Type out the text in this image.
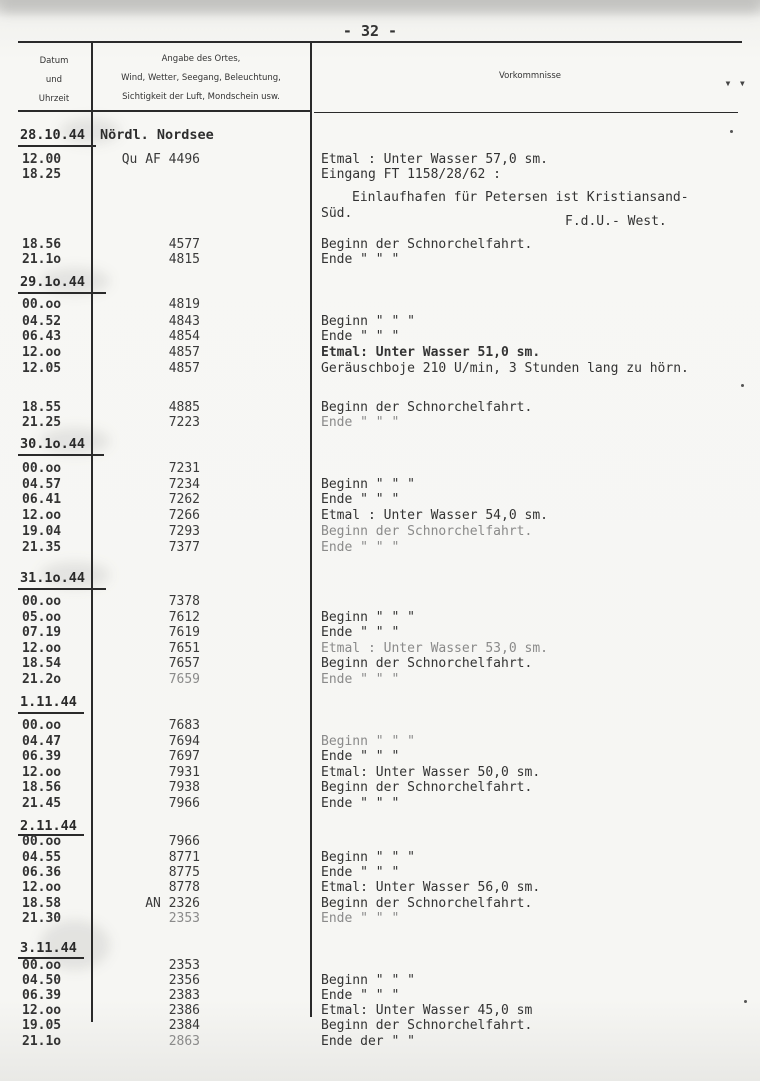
- 32 -
Datum
und
Uhrzeit
Angabe des Ortes,
Wind, Wetter, Seegang, Beleuchtung,
Sichtigkeit der Luft, Mondschein usw.
Vorkommnisse	▾ ▾
28.10.44 Nördl. Nordsee
12.00	Qu AF 4496	Etmal : Unter Wasser 57,0 sm.
18.25	Eingang FT 1158/28/62 :
Einlaufhafen für Petersen ist Kristiansand-
Süd.
F.d.U.- West.
18.56	4577	Beginn der Schnorchelfahrt.
21.1o	4815	Ende " " "
29.1o.44
00.oo	4819
04.52	4843	Beginn " " "
06.43	4854	Ende " " "
12.oo	4857	Etmal: Unter Wasser 51,0 sm.
12.05	4857	Geräuschboje 210 U/min, 3 Stunden lang zu hörn.
18.55	4885	Beginn der Schnorchelfahrt.
21.25	7223	Ende " " "
30.1o.44
00.oo	7231
04.57	7234	Beginn " " "
06.41	7262	Ende " " "
12.oo	7266	Etmal : Unter Wasser 54,0 sm.
19.04	7293	Beginn der Schnorchelfahrt.
21.35	7377	Ende " " "
31.1o.44
00.oo	7378
05.oo	7612	Beginn " " "
07.19	7619	Ende " " "
12.oo	7651	Etmal : Unter Wasser 53,0 sm.
18.54	7657	Beginn der Schnorchelfahrt.
21.2o	7659	Ende " " "
1.11.44
00.oo	7683
04.47	7694	Beginn " " "
06.39	7697	Ende " " "
12.oo	7931	Etmal: Unter Wasser 50,0 sm.
18.56	7938	Beginn der Schnorchelfahrt.
21.45	7966	Ende " " "
2.11.44
00.oo	7966
04.55	8771	Beginn " " "
06.36	8775	Ende " " "
12.oo	8778	Etmal: Unter Wasser 56,0 sm.
18.58	AN 2326	Beginn der Schnorchelfahrt.
21.30	2353	Ende " " "
3.11.44
00.oo	2353
04.50	2356	Beginn " " "
06.39	2383	Ende " " "
12.oo	2386	Etmal: Unter Wasser 45,0 sm
19.05	2384	Beginn der Schnorchelfahrt.
21.1o	2863	Ende der " "
